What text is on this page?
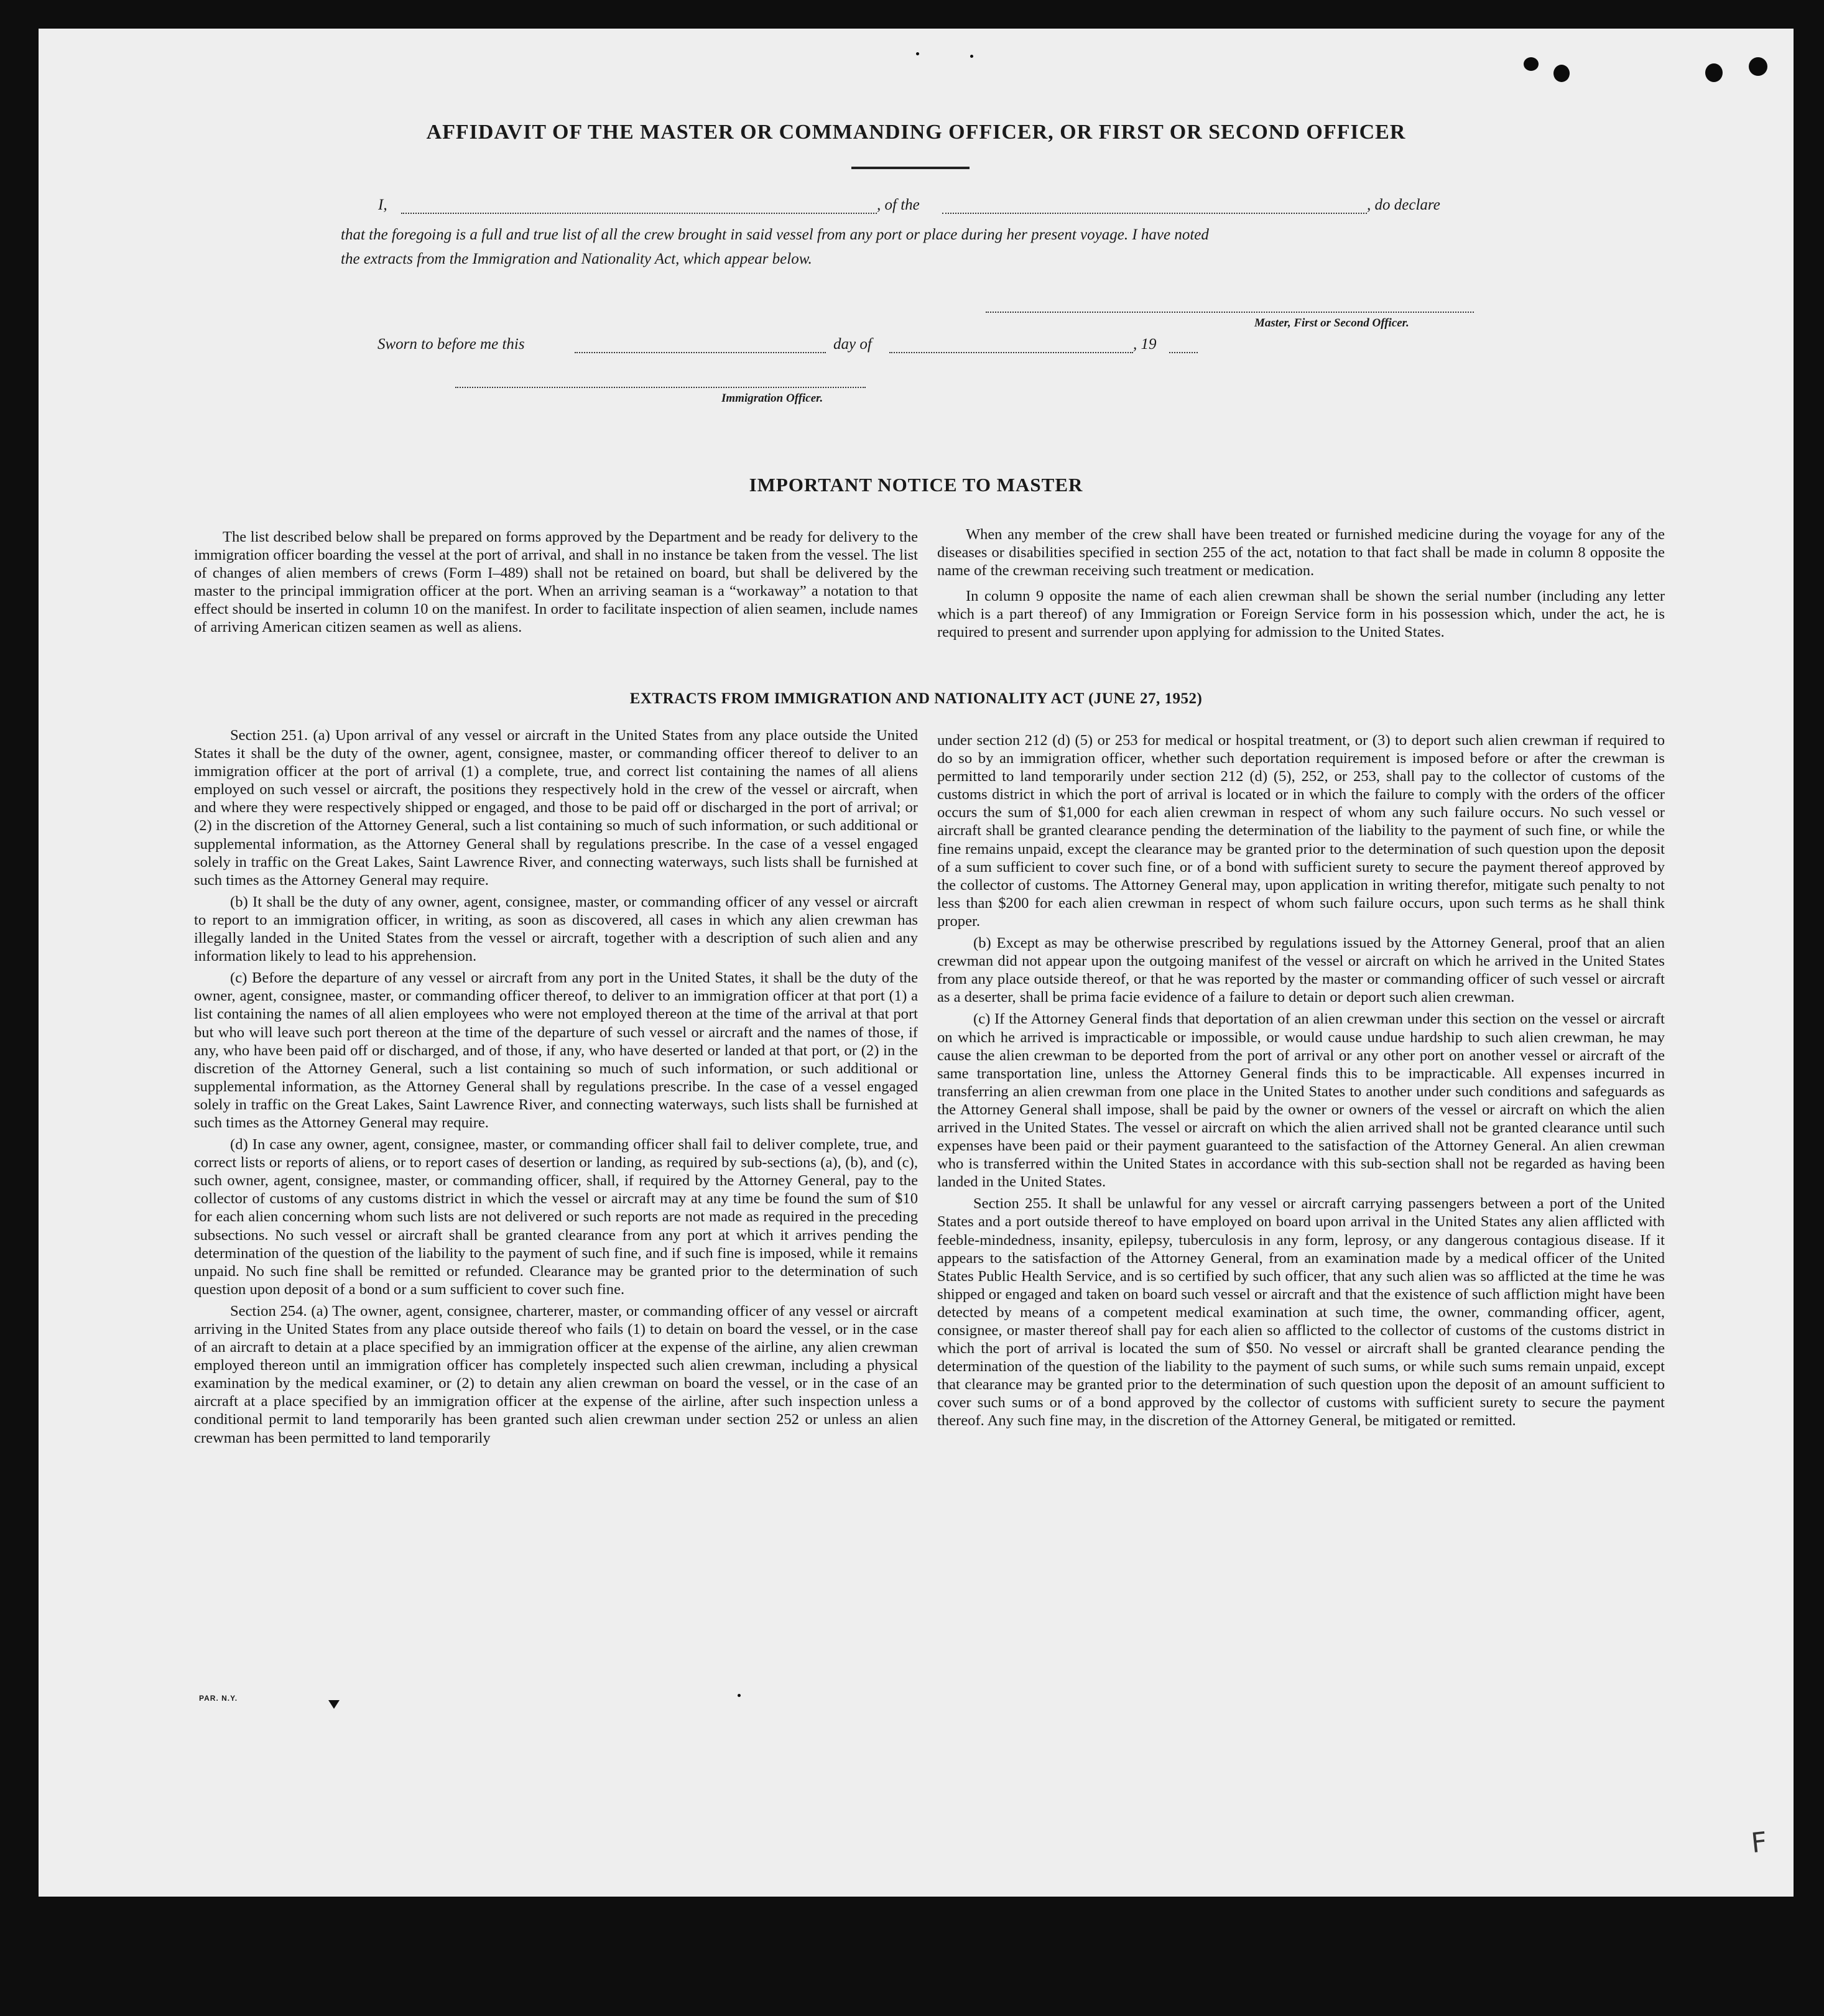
AFFIDAVIT OF THE MASTER OR COMMANDING OFFICER, OR FIRST OR SECOND OFFICER
I,	, of the	, do declare
that the foregoing is a full and true list of all the crew brought in said vessel from any port or place during her present voyage. I have noted
the extracts from the Immigration and Nationality Act, which appear below.
Master, First or Second Officer.
Sworn to before me this	day of	, 19
Immigration Officer.
IMPORTANT NOTICE TO MASTER

The list described below shall be prepared on forms approved by the Department and be ready for delivery to the immigration officer boarding the vessel at the port of arrival, and shall in no instance be taken from the vessel. The list of changes of alien members of crews (Form I–489) shall not be retained on board, but shall be delivered by the master to the principal immigration officer at the port. When an arriving seaman is a “workaway” a notation to that effect should be inserted in column 10 on the manifest. In order to facilitate inspection of alien seamen, include names of arriving American citizen seamen as well as aliens.

When any member of the crew shall have been treated or furnished medicine during the voyage for any of the diseases or disabilities specified in section 255 of the act, notation to that fact shall be made in column 8 opposite the name of the crewman receiving such treatment or medication.

In column 9 opposite the name of each alien crewman shall be shown the serial number (including any letter which is a part thereof) of any Immigration or Foreign Service form in his possession which, under the act, he is required to present and surrender upon applying for admission to the United States.

EXTRACTS FROM IMMIGRATION AND NATIONALITY ACT (JUNE 27, 1952)

Section 251. (a) Upon arrival of any vessel or aircraft in the United States from any place outside the United States it shall be the duty of the owner, agent, consignee, master, or commanding officer thereof to deliver to an immigration officer at the port of arrival (1) a complete, true, and correct list containing the names of all aliens employed on such vessel or aircraft, the positions they respectively hold in the crew of the vessel or aircraft, when and where they were respectively shipped or engaged, and those to be paid off or discharged in the port of arrival; or (2) in the discretion of the Attorney General, such a list containing so much of such information, or such additional or supplemental information, as the Attorney General shall by regulations prescribe. In the case of a vessel engaged solely in traffic on the Great Lakes, Saint Lawrence River, and connecting waterways, such lists shall be furnished at such times as the Attorney General may require.

(b) It shall be the duty of any owner, agent, consignee, master, or commanding officer of any vessel or aircraft to report to an immigration officer, in writing, as soon as discovered, all cases in which any alien crewman has illegally landed in the United States from the vessel or aircraft, together with a description of such alien and any information likely to lead to his apprehension.

(c) Before the departure of any vessel or aircraft from any port in the United States, it shall be the duty of the owner, agent, consignee, master, or commanding officer thereof, to deliver to an immigration officer at that port (1) a list containing the names of all alien employees who were not employed thereon at the time of the arrival at that port but who will leave such port thereon at the time of the departure of such vessel or aircraft and the names of those, if any, who have been paid off or discharged, and of those, if any, who have deserted or landed at that port, or (2) in the discretion of the Attorney General, such a list containing so much of such information, or such additional or supplemental information, as the Attorney General shall by regulations prescribe. In the case of a vessel engaged solely in traffic on the Great Lakes, Saint Lawrence River, and connecting waterways, such lists shall be furnished at such times as the Attorney General may require.

(d) In case any owner, agent, consignee, master, or commanding officer shall fail to deliver complete, true, and correct lists or reports of aliens, or to report cases of desertion or landing, as required by sub-sections (a), (b), and (c), such owner, agent, consignee, master, or commanding officer, shall, if required by the Attorney General, pay to the collector of customs of any customs district in which the vessel or aircraft may at any time be found the sum of $10 for each alien concerning whom such lists are not delivered or such reports are not made as required in the preceding subsections. No such vessel or aircraft shall be granted clearance from any port at which it arrives pending the determination of the question of the liability to the payment of such fine, and if such fine is imposed, while it remains unpaid. No such fine shall be remitted or refunded. Clearance may be granted prior to the determination of such question upon deposit of a bond or a sum sufficient to cover such fine.

Section 254. (a) The owner, agent, consignee, charterer, master, or commanding officer of any vessel or aircraft arriving in the United States from any place outside thereof who fails (1) to detain on board the vessel, or in the case of an aircraft to detain at a place specified by an immigration officer at the expense of the airline, any alien crewman employed thereon until an immigration officer has completely inspected such alien crewman, including a physical examination by the medical examiner, or (2) to detain any alien crewman on board the vessel, or in the case of an aircraft at a place specified by an immigration officer at the expense of the airline, after such inspection unless a conditional permit to land temporarily has been granted such alien crewman under section 252 or unless an alien crewman has been permitted to land temporarily

under section 212 (d) (5) or 253 for medical or hospital treatment, or (3) to deport such alien crewman if required to do so by an immigration officer, whether such deportation requirement is imposed before or after the crewman is permitted to land temporarily under section 212 (d) (5), 252, or 253, shall pay to the collector of customs of the customs district in which the port of arrival is located or in which the failure to comply with the orders of the officer occurs the sum of $1,000 for each alien crewman in respect of whom any such failure occurs. No such vessel or aircraft shall be granted clearance pending the determination of the liability to the payment of such fine, or while the fine remains unpaid, except the clearance may be granted prior to the determination of such question upon the deposit of a sum sufficient to cover such fine, or of a bond with sufficient surety to secure the payment thereof approved by the collector of customs. The Attorney General may, upon application in writing therefor, mitigate such penalty to not less than $200 for each alien crewman in respect of whom such failure occurs, upon such terms as he shall think proper.

(b) Except as may be otherwise prescribed by regulations issued by the Attorney General, proof that an alien crewman did not appear upon the outgoing manifest of the vessel or aircraft on which he arrived in the United States from any place outside thereof, or that he was reported by the master or commanding officer of such vessel or aircraft as a deserter, shall be prima facie evidence of a failure to detain or deport such alien crewman.

(c) If the Attorney General finds that deportation of an alien crewman under this section on the vessel or aircraft on which he arrived is impracticable or impossible, or would cause undue hardship to such alien crewman, he may cause the alien crewman to be deported from the port of arrival or any other port on another vessel or aircraft of the same transportation line, unless the Attorney General finds this to be impracticable. All expenses incurred in transferring an alien crewman from one place in the United States to another under such conditions and safeguards as the Attorney General shall impose, shall be paid by the owner or owners of the vessel or aircraft on which the alien arrived in the United States. The vessel or aircraft on which the alien arrived shall not be granted clearance until such expenses have been paid or their payment guaranteed to the satisfaction of the Attorney General. An alien crewman who is transferred within the United States in accordance with this sub-section shall not be regarded as having been landed in the United States.

Section 255. It shall be unlawful for any vessel or aircraft carrying passengers between a port of the United States and a port outside thereof to have employed on board upon arrival in the United States any alien afflicted with feeble-mindedness, insanity, epilepsy, tuberculosis in any form, leprosy, or any dangerous contagious disease. If it appears to the satisfaction of the Attorney General, from an examination made by a medical officer of the United States Public Health Service, and is so certified by such officer, that any such alien was so afflicted at the time he was shipped or engaged and taken on board such vessel or aircraft and that the existence of such affliction might have been detected by means of a competent medical examination at such time, the owner, commanding officer, agent, consignee, or master thereof shall pay for each alien so afflicted to the collector of customs of the customs district in which the port of arrival is located the sum of $50. No vessel or aircraft shall be granted clearance pending the determination of the question of the liability to the payment of such sums, or while such sums remain unpaid, except that clearance may be granted prior to the determination of such question upon the deposit of an amount sufficient to cover such sums or of a bond approved by the collector of customs with sufficient surety to secure the payment thereof. Any such fine may, in the discretion of the Attorney General, be mitigated or remitted.

PAR. N.Y.
F
